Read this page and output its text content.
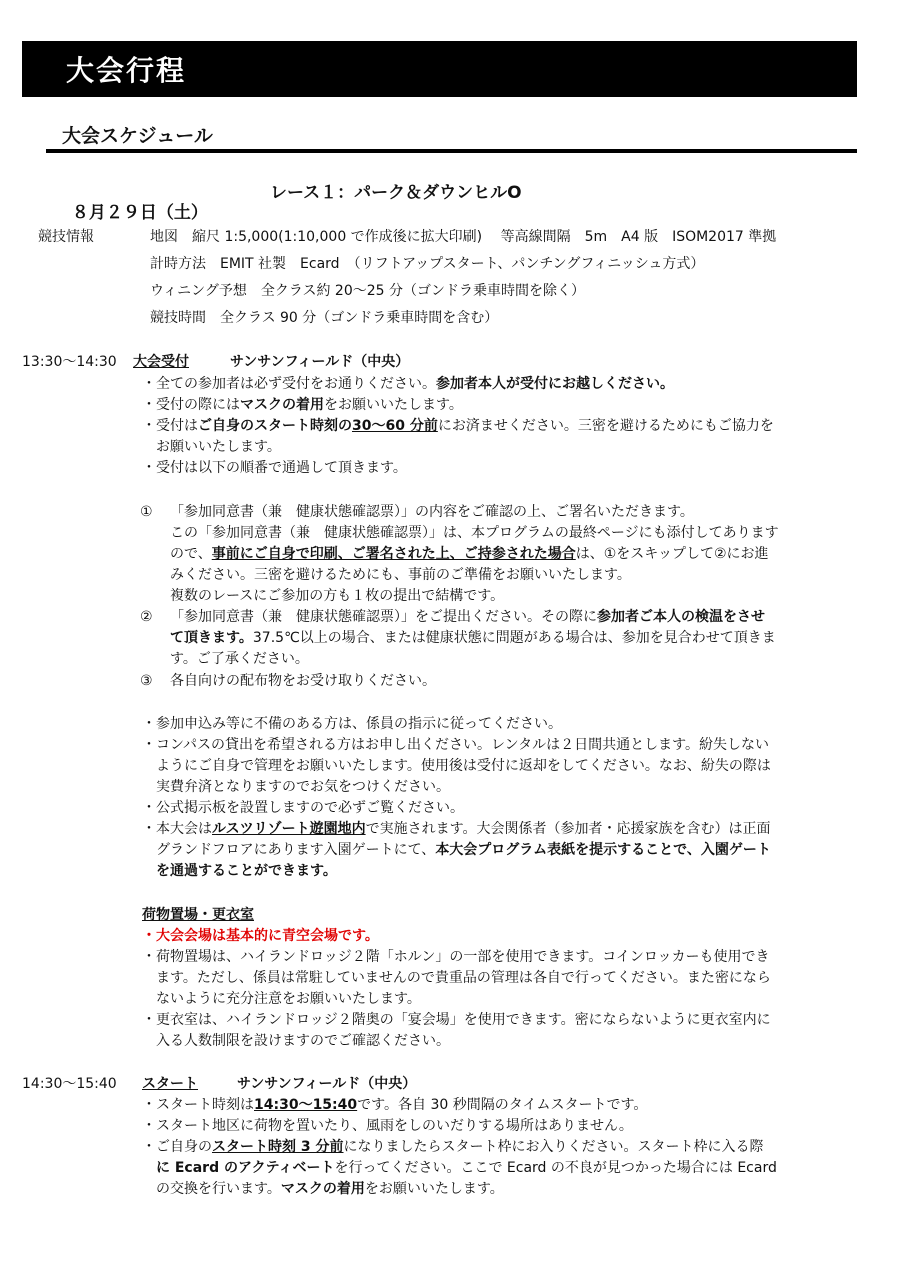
大会行程
大会スケジュール

８月２９日（土）

レース１：パーク＆ダウンヒルO

競技情報	地図　縮尺 1:5,000(1:10,000 で作成後に拡大印刷)　 等高線間隔　5m　A4 版　ISOM2017 準拠
計時方法　EMIT 社製　Ecard　（リフトアップスタート、パンチングフィニッシュ方式）
ウィニング予想　全クラス約 20～25 分（ゴンドラ乗車時間を除く）
競技時間　全クラス 90 分（ゴンドラ乗車時間を含む）
13:30～14:30 大会受付	サンサンフィールド（中央）
・全ての参加者は必ず受付をお通りください。参加者本人が受付にお越しください。
・受付の際にはマスクの着用をお願いいたします。
・受付はご自身のスタート時刻の30～60 分前にお済ませください。三密を避けるためにもご協力を
お願いいたします。
・受付は以下の順番で通過して頂きます。
① 「参加同意書（兼　健康状態確認票）」の内容をご確認の上、ご署名いただきます。
この「参加同意書（兼　健康状態確認票）」は、本プログラムの最終ページにも添付してあります
ので、事前にご自身で印刷、ご署名された上、ご持参された場合は、①をスキップして②にお進
みください。三密を避けるためにも、事前のご準備をお願いいたします。
複数のレースにご参加の方も１枚の提出で結構です。
② 「参加同意書（兼　健康状態確認票）」をご提出ください。その際に参加者ご本人の検温をさせ
て頂きます。37.5℃以上の場合、または健康状態に問題がある場合は、参加を見合わせて頂きま
す。ご了承ください。
③ 各自向けの配布物をお受け取りください。
・参加申込み等に不備のある方は、係員の指示に従ってください。
・コンパスの貸出を希望される方はお申し出ください。レンタルは２日間共通とします。紛失しない
ようにご自身で管理をお願いいたします。使用後は受付に返却をしてください。なお、紛失の際は
実費弁済となりますのでお気をつけください。
・公式掲示板を設置しますので必ずご覧ください。
・本大会はルスツリゾート遊園地内で実施されます。大会関係者（参加者・応援家族を含む）は正面
グランドフロアにあります入園ゲートにて、本大会プログラム表紙を提示することで、入園ゲート
を通過することができます。
荷物置場・更衣室
・大会会場は基本的に青空会場です。
・荷物置場は、ハイランドロッジ２階「ホルン」の一部を使用できます。コインロッカーも使用でき
ます。ただし、係員は常駐していませんので貴重品の管理は各自で行ってください。また密になら
ないように充分注意をお願いいたします。
・更衣室は、ハイランドロッジ２階奥の「宴会場」を使用できます。密にならないように更衣室内に
入る人数制限を設けますのでご確認ください。
14:30～15:40 スタート	サンサンフィールド（中央）
・スタート時刻は14:30～15:40です。各自 30 秒間隔のタイムスタートです。
・スタート地区に荷物を置いたり、風雨をしのいだりする場所はありません。
・ご自身のスタート時刻 3 分前になりましたらスタート枠にお入りください。スタート枠に入る際
に Ecard のアクティベートを行ってください。ここで Ecard の不良が見つかった場合には Ecard
の交換を行います。マスクの着用をお願いいたします。
